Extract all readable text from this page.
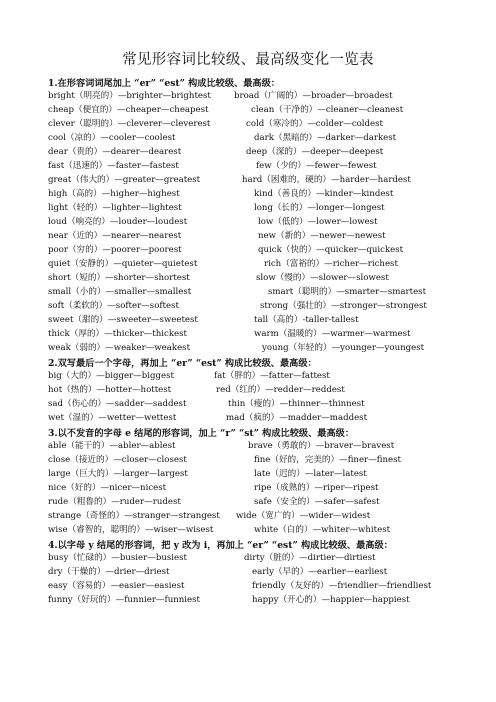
常见形容词比较级、最高级变化一览表
1.在形容词词尾加上 “er” “est” 构成比较级、最高级：
bright（明亮的）—brighter—brightest	broad（广阔的）—broader—broadest
cheap（便宜的）—cheaper—cheapest	clean（干净的）—cleaner—cleanest
clever（聪明的）—cleverer—cleverest	cold（寒冷的）—colder—coldest
cool（凉的）—cooler—coolest	dark（黑暗的）—darker—darkest
dear（贵的）—dearer—dearest	deep（深的）—deeper—deepest
fast（迅速的）—faster—fastest	few（少的）—fewer—fewest
great（伟大的）—greater—greatest	hard（困难的，硬的）—harder—hardest
high（高的）—higher—highest	kind（善良的）—kinder—kindest
light（轻的）—lighter—lightest	long（长的）—longer—longest
loud（响亮的）—louder—loudest	low（低的）—lower—lowest
near（近的）—nearer—nearest	new（新的）—newer—newest
poor（穷的）—poorer—poorest	quick（快的）—quicker—quickest
quiet（安静的）—quieter—quietest	rich（富裕的）—richer—richest
short（短的）—shorter—shortest	slow（慢的）—slower—slowest
small（小的）—smaller—smallest	smart（聪明的）—smarter—smartest
soft（柔软的）—softer—softest	strong（强壮的）—stronger—strongest
sweet（甜的）—sweeter—sweetest	tall（高的）-taller-tallest
thick（厚的）—thicker—thickest	warm（温暖的）—warmer—warmest
weak（弱的）—weaker—weakest	young（年轻的）—younger—youngest
2.双写最后一个字母，再加上 “er” “est” 构成比较级、最高级：
big（大的）—bigger—biggest	fat（胖的）—fatter—fattest
hot（热的）—hotter—hottest	red（红的）—redder—reddest
sad（伤心的）—sadder—saddest	thin（瘦的）—thinner—thinnest
wet（湿的）—wetter—wettest	mad（疯的）—madder—maddest
3.以不发音的字母 e 结尾的形容词，加上 “r” “st” 构成比较级、最高级：
able（能干的）—abler—ablest	brave（勇敢的）—braver—bravest
close（接近的）—closer—closest	fine（好的，完美的）—finer—finest
large（巨大的）—larger—largest	late（迟的）—later—latest
nice（好的）—nicer—nicest	ripe（成熟的）—riper—ripest
rude（粗鲁的）—ruder—rudest	safe（安全的）—safer—safest
strange（奇怪的）—stranger—strangest wide（宽广的）—wider—widest
wise（睿智的，聪明的）—wiser—wisest	white（白的）—whiter—whitest
4.以字母 y 结尾的形容词，把 y 改为 i，再加上 “er” “est” 构成比较级、最高级：
busy（忙碌的）—busier—busiest	dirty（脏的）—dirtier—dirtiest
dry（干燥的）—drier—driest	early（早的）—earlier—earliest
easy（容易的）—easier—easiest	friendly（友好的）—friendlier—friendliest
funny（好玩的）—funnier—funniest	happy（开心的）—happier—happiest
